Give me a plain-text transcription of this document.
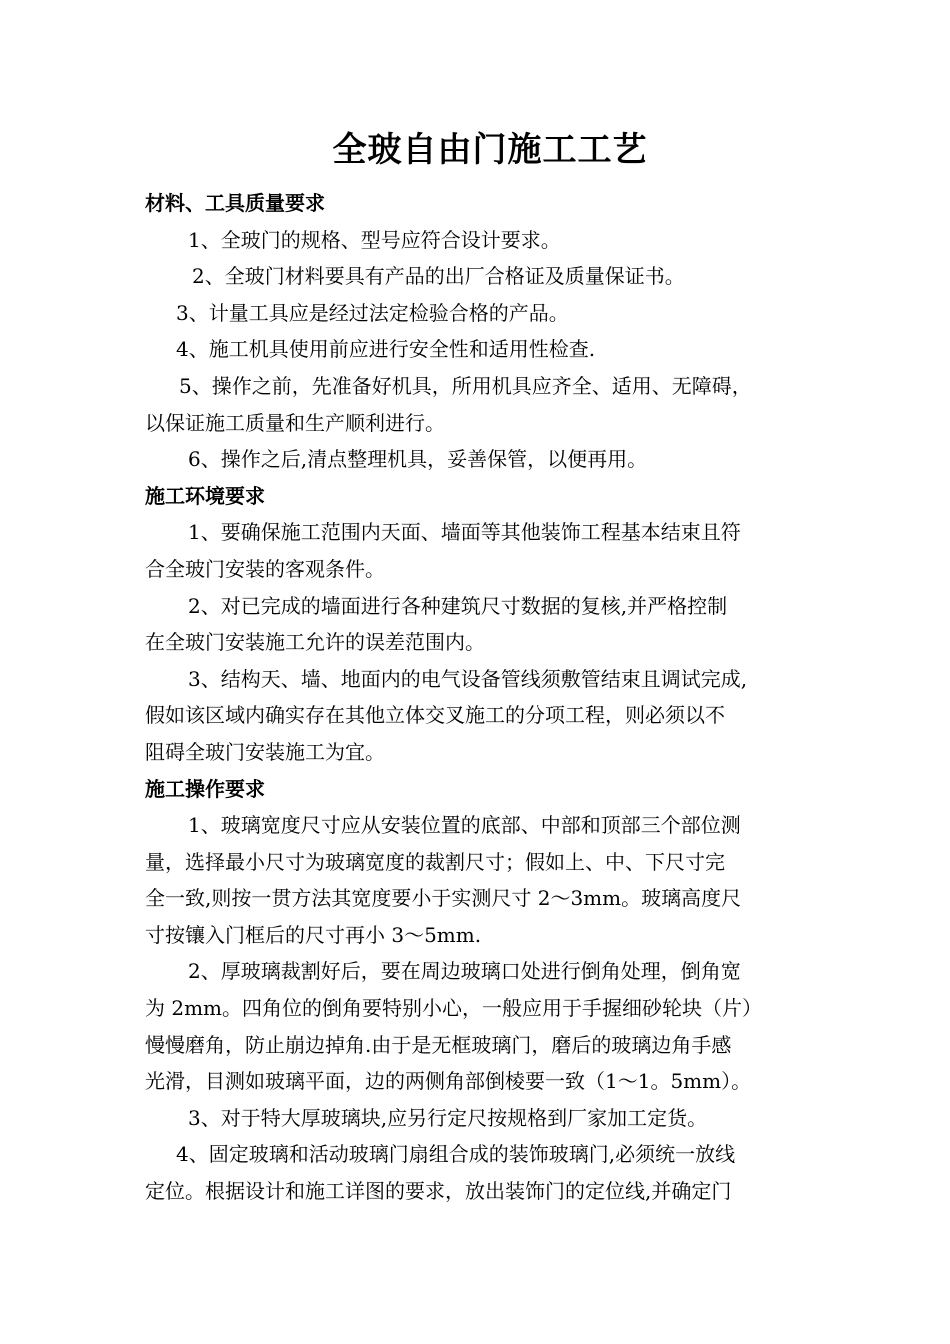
全玻自由门施工工艺
材料、工具质量要求
1、全玻门的规格、型号应符合设计要求。
2、全玻门材料要具有产品的出厂合格证及质量保证书。
3、计量工具应是经过法定检验合格的产品。
4、施工机具使用前应进行安全性和适用性检查.
5、操作之前，先准备好机具，所用机具应齐全、适用、无障碍，
以保证施工质量和生产顺利进行。
6、操作之后,清点整理机具，妥善保管，以便再用。
施工环境要求
1、要确保施工范围内天面、墙面等其他装饰工程基本结束且符
合全玻门安装的客观条件。
2、对已完成的墙面进行各种建筑尺寸数据的复核,并严格控制
在全玻门安装施工允许的误差范围内。
3、结构天、墙、地面内的电气设备管线须敷管结束且调试完成,
假如该区域内确实存在其他立体交叉施工的分项工程，则必须以不
阻碍全玻门安装施工为宜。
施工操作要求
1、玻璃宽度尺寸应从安装位置的底部、中部和顶部三个部位测
量，选择最小尺寸为玻璃宽度的裁割尺寸；假如上、中、下尺寸完
全一致,则按一贯方法其宽度要小于实测尺寸 2～3mm。玻璃高度尺
寸按镶入门框后的尺寸再小 3～5mm.
2、厚玻璃裁割好后，要在周边玻璃口处进行倒角处理，倒角宽
为 2mm。四角位的倒角要特别小心，一般应用于手握细砂轮块（片）
慢慢磨角，防止崩边掉角.由于是无框玻璃门，磨后的玻璃边角手感
光滑，目测如玻璃平面，边的两侧角部倒棱要一致（1～1。5mm）。
3、对于特大厚玻璃块,应另行定尺按规格到厂家加工定货。
4、固定玻璃和活动玻璃门扇组合成的装饰玻璃门,必须统一放线
定位。根据设计和施工详图的要求，放出装饰门的定位线,并确定门
